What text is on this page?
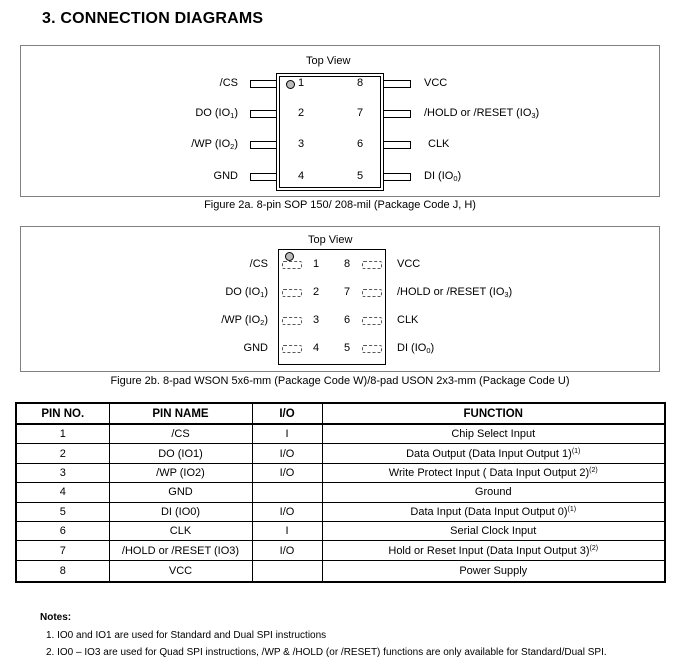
3. CONNECTION DIAGRAMS
Top View
Top View
/CS	1
DO $(IO_1)$	2
/WP $(IO_2)$	3
GND	4
8	VCC
7	/HOLD or /RESET $(IO_3)$
6	CLK
5	DI $(IO_0)$
/CS	1
DO $(IO_1)$	2
/WP $(IO_2)$	3
GND	4
8	VCC
7	/HOLD or /RESET $(IO_3)$
6	CLK
5	DI $(IO_0)$
Figure 2a. 8-pin SOP 150/ 208-mil (Package Code J, H)
Figure 2b. 8-pad WSON 5x6-mm (Package Code W)/8-pad USON 2x3-mm (Package Code U)
PIN NO.	PIN NAME	I/O	FUNCTION
1	/CS	I	Chip Select Input
2	DO (IO1)	I/O	Data Output (Data Input Output 1)$^{(1)}$
3	/WP (IO2)	I/O	Write Protect Input ( Data Input Output 2)$^{(2)}$
4	GND		Ground
5	DI (IO0)	I/O	Data Input (Data Input Output 0)$^{(1)}$
6	CLK	I	Serial Clock Input
7	/HOLD or /RESET (IO3)	I/O	Hold or Reset Input (Data Input Output 3)$^{(2)}$
8	VCC		Power Supply
Notes:
1. IO0 and IO1 are used for Standard and Dual SPI instructions
2. IO0 – IO3 are used for Quad SPI instructions, /WP & /HOLD (or /RESET) functions are only available for Standard/Dual SPI.
